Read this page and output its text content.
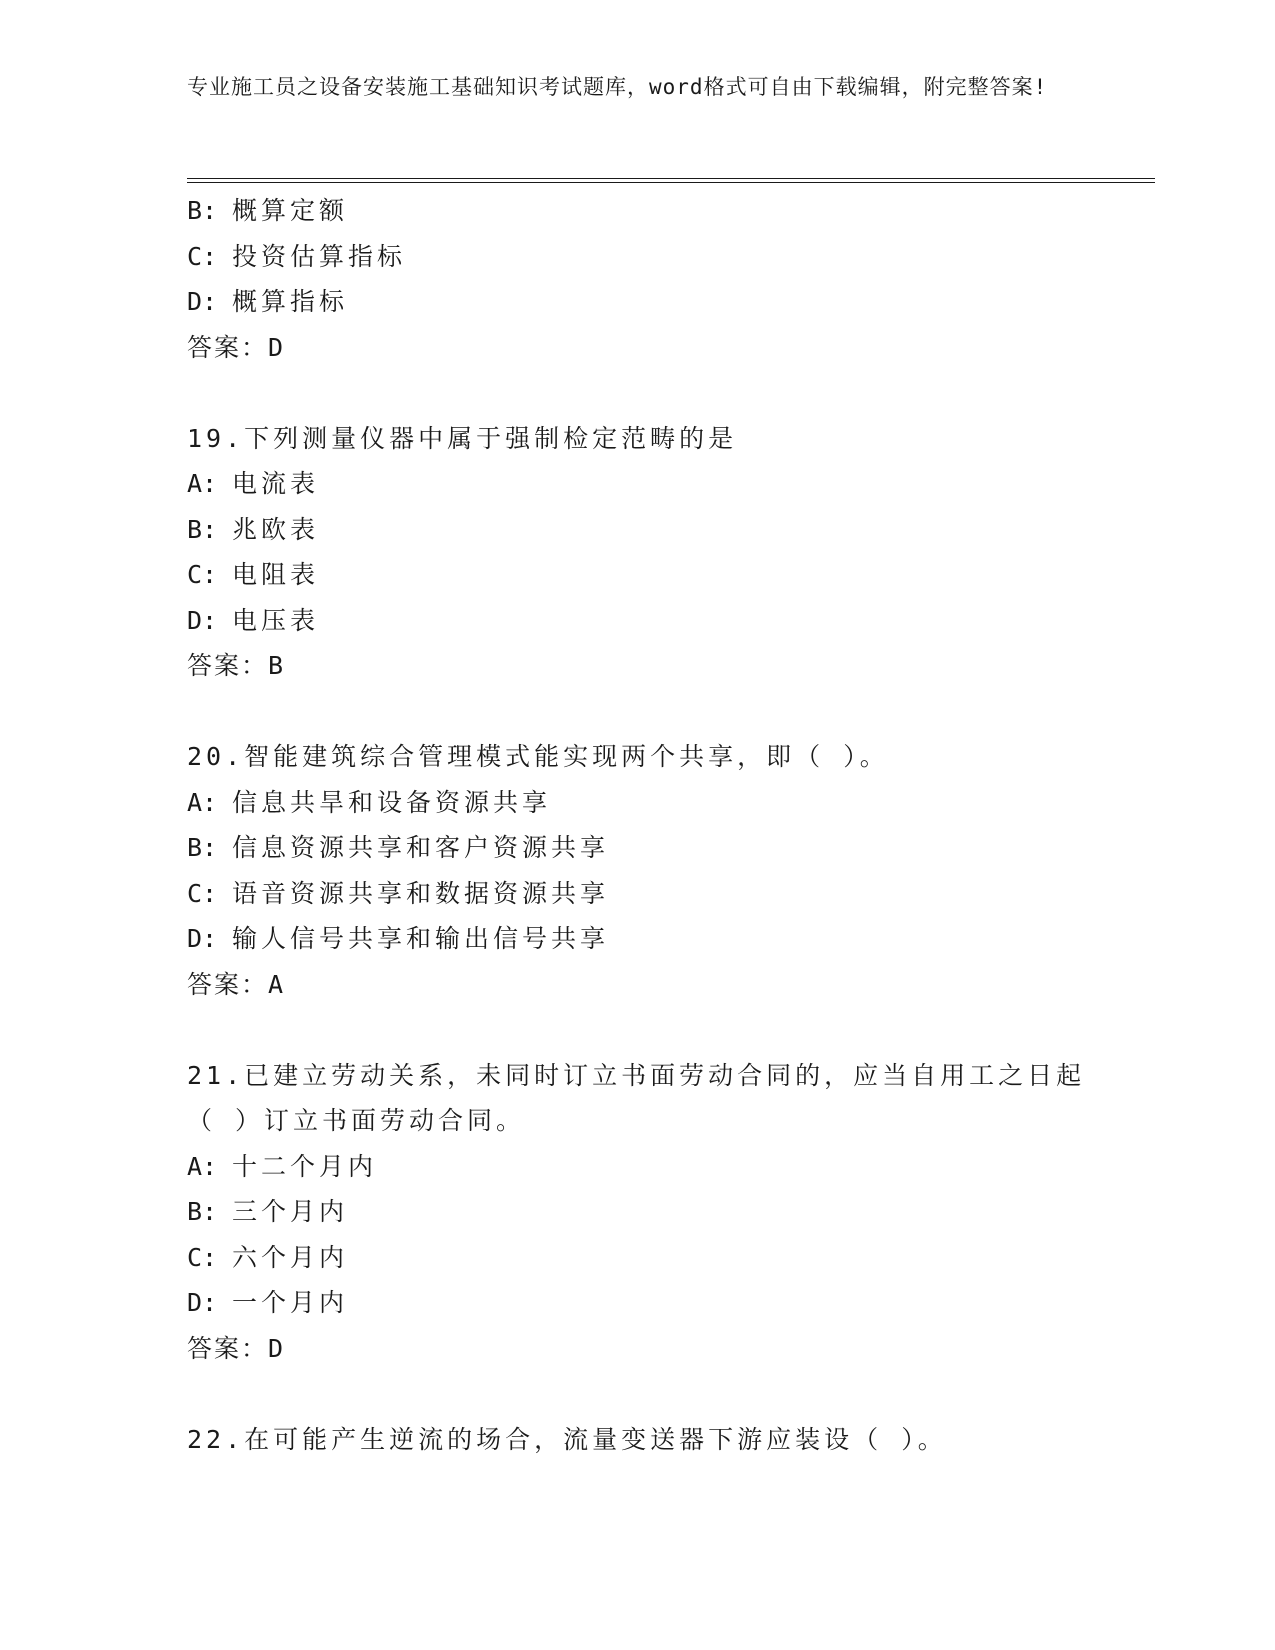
专业施工员之设备安装施工基础知识考试题库，word格式可自由下载编辑，附完整答案!
B: 概算定额
C: 投资估算指标
D: 概算指标
答案：D
19.下列测量仪器中属于强制检定范畴的是
A: 电流表
B: 兆欧表
C: 电阻表
D: 电压表
答案：B
20.智能建筑综合管理模式能实现两个共享，即（ ）。
A: 信息共旱和设备资源共享
B: 信息资源共享和客户资源共享
C: 语音资源共享和数据资源共享
D: 输人信号共享和输出信号共享
答案：A
21.已建立劳动关系，未同时订立书面劳动合同的，应当自用工之日起
（ ）订立书面劳动合同。
A: 十二个月内
B: 三个月内
C: 六个月内
D: 一个月内
答案：D
22.在可能产生逆流的场合，流量变送器下游应装设（ ）。
